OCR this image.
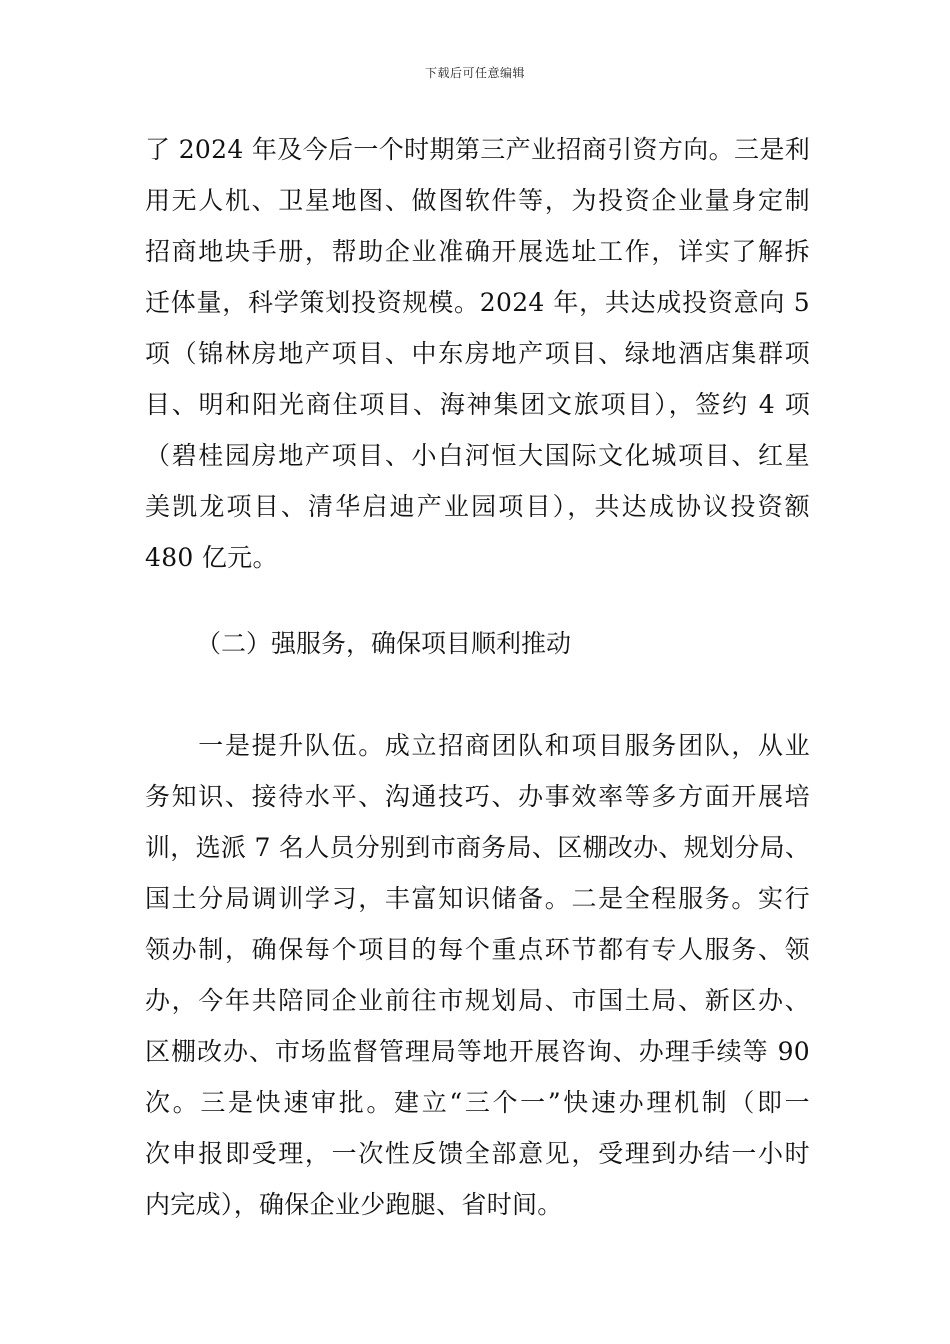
下载后可任意编辑
了 2024 年及今后一个时期第三产业招商引资方向。三是利
用无人机、卫星地图、做图软件等，为投资企业量身定制
招商地块手册，帮助企业准确开展选址工作，详实了解拆
迁体量，科学策划投资规模。2024 年，共达成投资意向 5
项（锦林房地产项目、中东房地产项目、绿地酒店集群项
目、明和阳光商住项目、海神集团文旅项目），签约 4 项
（碧桂园房地产项目、小白河恒大国际文化城项目、红星
美凯龙项目、清华启迪产业园项目），共达成协议投资额
480 亿元。
（二）强服务，确保项目顺利推动
　　一是提升队伍。成立招商团队和项目服务团队，从业
务知识、接待水平、沟通技巧、办事效率等多方面开展培
训，选派 7 名人员分别到市商务局、区棚改办、规划分局、
国土分局调训学习，丰富知识储备。二是全程服务。实行
领办制，确保每个项目的每个重点环节都有专人服务、领
办，今年共陪同企业前往市规划局、市国土局、新区办、
区棚改办、市场监督管理局等地开展咨询、办理手续等 90
次。三是快速审批。建立“三个一”快速办理机制（即一
次申报即受理，一次性反馈全部意见，受理到办结一小时
内完成），确保企业少跑腿、省时间。
